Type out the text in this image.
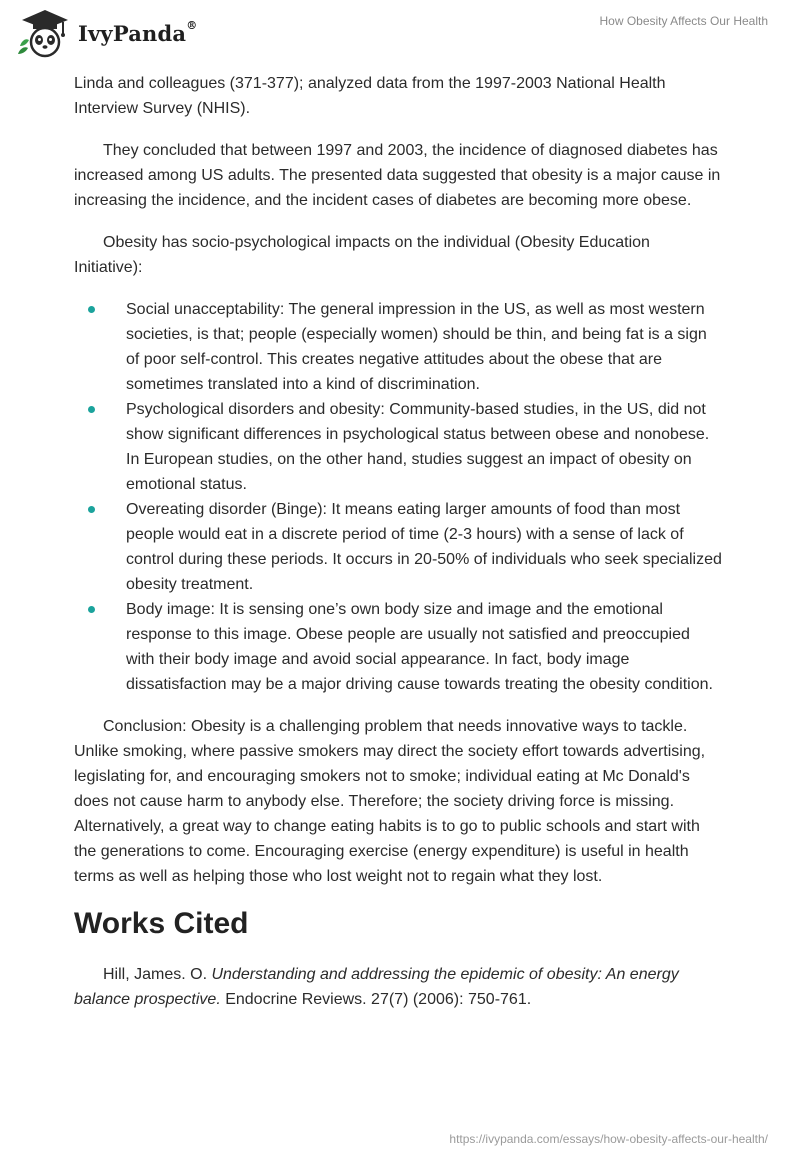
IvyPanda®	How Obesity Affects Our Health

Linda and colleagues (371-377); analyzed data from the 1997-2003 National Health Interview Survey (NHIS).

They concluded that between 1997 and 2003, the incidence of diagnosed diabetes has increased among US adults. The presented data suggested that obesity is a major cause in increasing the incidence, and the incident cases of diabetes are becoming more obese.

Obesity has socio-psychological impacts on the individual (Obesity Education Initiative):

Social unacceptability: The general impression in the US, as well as most western societies, is that; people (especially women) should be thin, and being fat is a sign of poor self-control. This creates negative attitudes about the obese that are sometimes translated into a kind of discrimination.
Psychological disorders and obesity: Community-based studies, in the US, did not show significant differences in psychological status between obese and nonobese. In European studies, on the other hand, studies suggest an impact of obesity on emotional status.
Overeating disorder (Binge): It means eating larger amounts of food than most people would eat in a discrete period of time (2-3 hours) with a sense of lack of control during these periods. It occurs in 20-50% of individuals who seek specialized obesity treatment.
Body image: It is sensing one’s own body size and image and the emotional response to this image. Obese people are usually not satisfied and preoccupied with their body image and avoid social appearance. In fact, body image dissatisfaction may be a major driving cause towards treating the obesity condition.

Conclusion: Obesity is a challenging problem that needs innovative ways to tackle. Unlike smoking, where passive smokers may direct the society effort towards advertising, legislating for, and encouraging smokers not to smoke; individual eating at Mc Donald's does not cause harm to anybody else. Therefore; the society driving force is missing. Alternatively, a great way to change eating habits is to go to public schools and start with the generations to come. Encouraging exercise (energy expenditure) is useful in health terms as well as helping those who lost weight not to regain what they lost.

Works Cited

Hill, James. O. Understanding and addressing the epidemic of obesity: An energy balance prospective. Endocrine Reviews. 27(7) (2006): 750-761.

https://ivypanda.com/essays/how-obesity-affects-our-health/
